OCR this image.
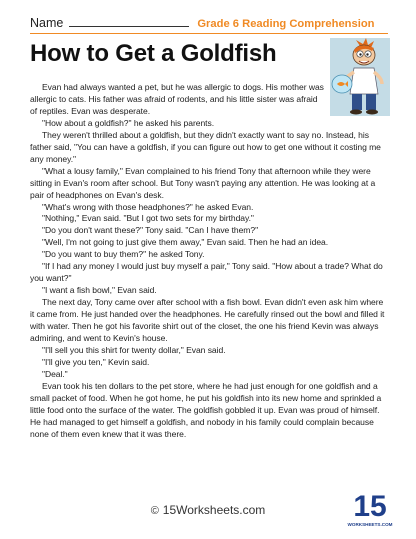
Name	Grade 6 Reading Comprehension
How to Get a Goldfish

Evan had always wanted a pet, but he was allergic to dogs. His mother was allergic to cats. His father was afraid of rodents, and his little sister was afraid of reptiles. Evan was desperate.

"How about a goldfish?" he asked his parents.

They weren't thrilled about a goldfish, but they didn't exactly want to say no. Instead, his father said, "You can have a goldfish, if you can figure out how to get one without it costing me any money."

"What a lousy family," Evan complained to his friend Tony that afternoon while they were sitting in Evan's room after school. But Tony wasn't paying any attention. He was looking at a pair of headphones on Evan's desk.

"What's wrong with those headphones?" he asked Evan.

"Nothing," Evan said. "But I got two sets for my birthday."

"Do you don't want these?" Tony said. "Can I have them?"

"Well, I'm not going to just give them away," Evan said. Then he had an idea.

"Do you want to buy them?" he asked Tony.

"If I had any money I would just buy myself a pair," Tony said. "How about a trade? What do you want?"

"I want a fish bowl," Evan said.

The next day, Tony came over after school with a fish bowl. Evan didn't even ask him where it came from. He just handed over the headphones. He carefully rinsed out the bowl and filled it with water. Then he got his favorite shirt out of the closet, the one his friend Kevin was always admiring, and went to Kevin's house.

"I'll sell you this shirt for twenty dollar," Evan said.

"I'll give you ten," Kevin said.

"Deal."

Evan took his ten dollars to the pet store, where he had just enough for one goldfish and a small packet of food. When he got home, he put his goldfish into its new home and sprinkled a little food onto the surface of the water. The goldfish gobbled it up. Evan was proud of himself. He had managed to get himself a goldfish, and nobody in his family could complain because none of them even knew that it was there.

© 15Worksheets.com	15
WORKSHEETS.COM
